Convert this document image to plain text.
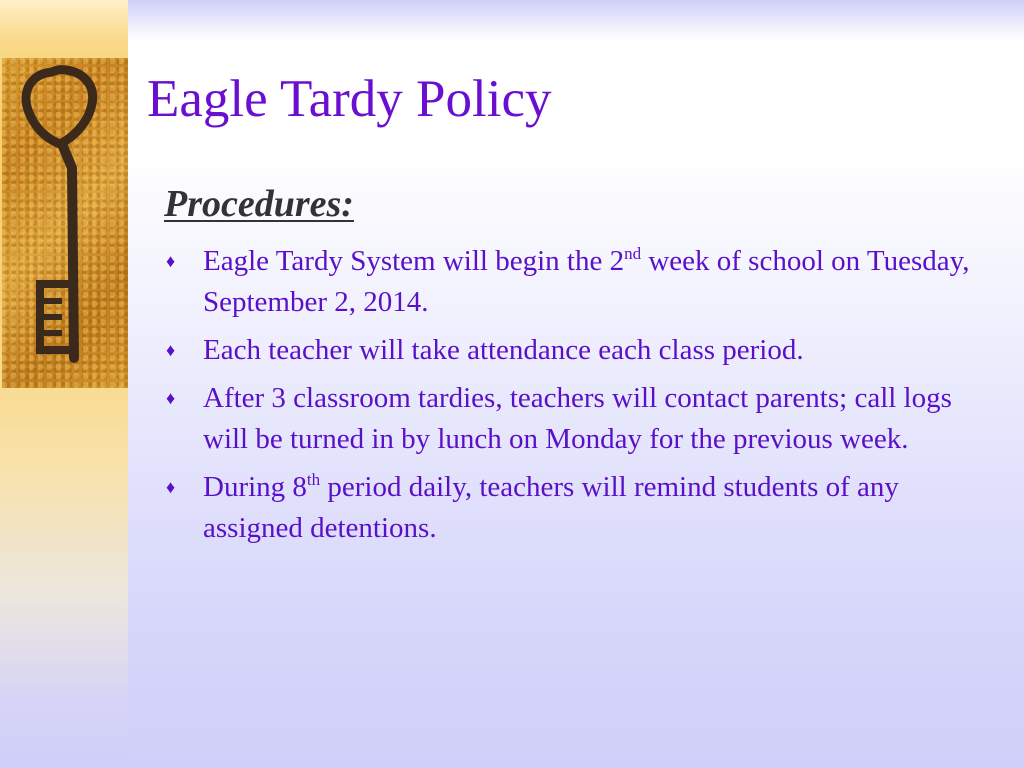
Eagle Tardy Policy
Procedures:
♦ Eagle Tardy System will begin the 2nd week of school on Tuesday, September 2, 2014.
♦ Each teacher will take attendance each class period.
♦ After 3 classroom tardies, teachers will contact parents; call logs will be turned in by lunch on Monday for the previous week.
♦ During 8th period daily, teachers will remind students of any assigned detentions.
